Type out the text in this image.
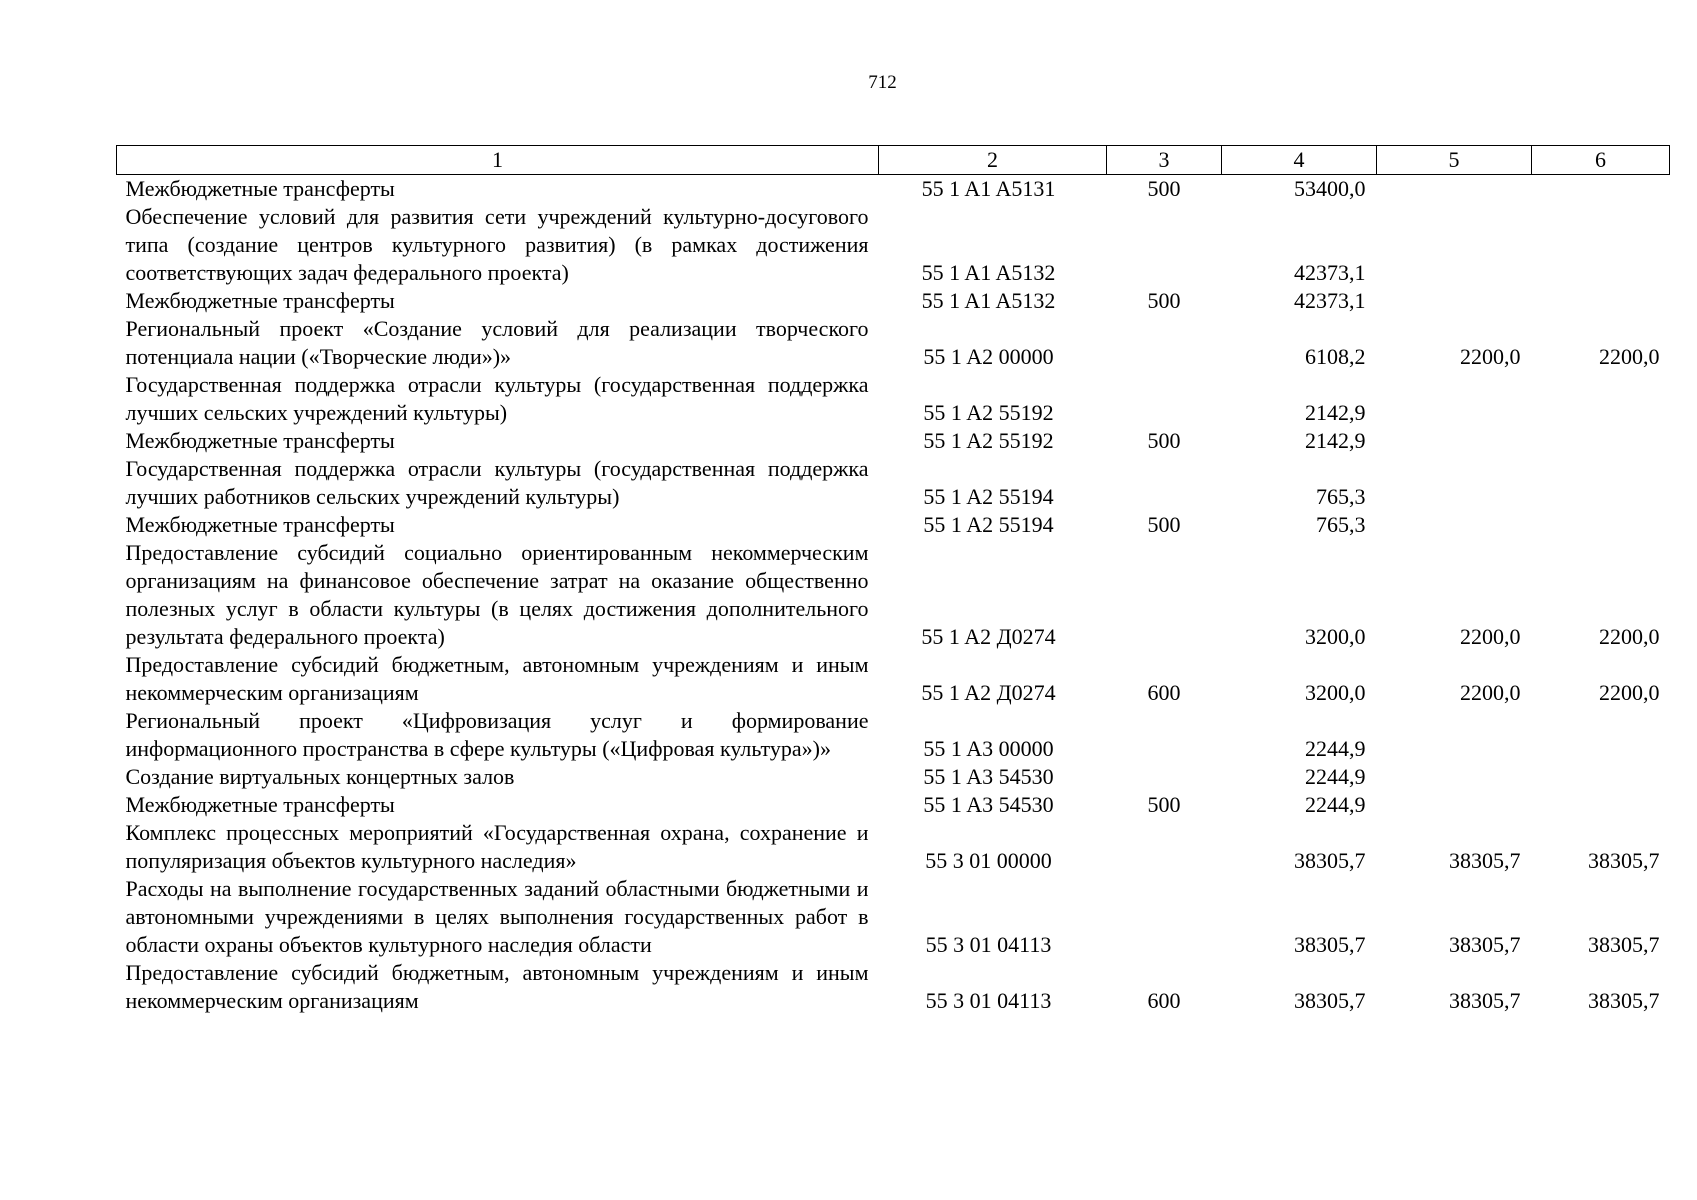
712
1	2	3	4	5	6
Межбюджетные трансферты	55 1 A1 A5131	500	53400,0		
Обеспечение условий для развития сети учреждений культурно-досугового типа (создание центров культурного развития) (в рамках достижения соответствующих задач федерального проекта)	55 1 A1 A5132		42373,1		
Межбюджетные трансферты	55 1 A1 A5132	500	42373,1		
Региональный проект «Создание условий для реализации творческого потенциала нации («Творческие люди»)»	55 1 A2 00000		6108,2	2200,0	2200,0
Государственная поддержка отрасли культуры (государственная поддержка лучших сельских учреждений культуры)	55 1 A2 55192		2142,9		
Межбюджетные трансферты	55 1 A2 55192	500	2142,9		
Государственная поддержка отрасли культуры (государственная поддержка лучших работников сельских учреждений культуры)	55 1 A2 55194		765,3		
Межбюджетные трансферты	55 1 A2 55194	500	765,3		
Предоставление субсидий социально ориентированным некоммерческим организациям на финансовое обеспечение затрат на оказание общественно полезных услуг в области культуры (в целях достижения дополнительного результата федерального проекта)	55 1 A2 Д0274		3200,0	2200,0	2200,0
Предоставление субсидий бюджетным, автономным учреждениям и иным некоммерческим организациям	55 1 A2 Д0274	600	3200,0	2200,0	2200,0
Региональный проект «Цифровизация услуг и формирование информационного пространства в сфере культуры («Цифровая культура»)»	55 1 A3 00000		2244,9		
Создание виртуальных концертных залов	55 1 A3 54530		2244,9		
Межбюджетные трансферты	55 1 A3 54530	500	2244,9		
Комплекс процессных мероприятий «Государственная охрана, сохранение и популяризация объектов культурного наследия»	55 3 01 00000		38305,7	38305,7	38305,7
Расходы на выполнение государственных заданий областными бюджетными и автономными учреждениями в целях выполнения государственных работ в области охраны объектов культурного наследия области	55 3 01 04113		38305,7	38305,7	38305,7
Предоставление субсидий бюджетным, автономным учреждениям и иным некоммерческим организациям	55 3 01 04113	600	38305,7	38305,7	38305,7
